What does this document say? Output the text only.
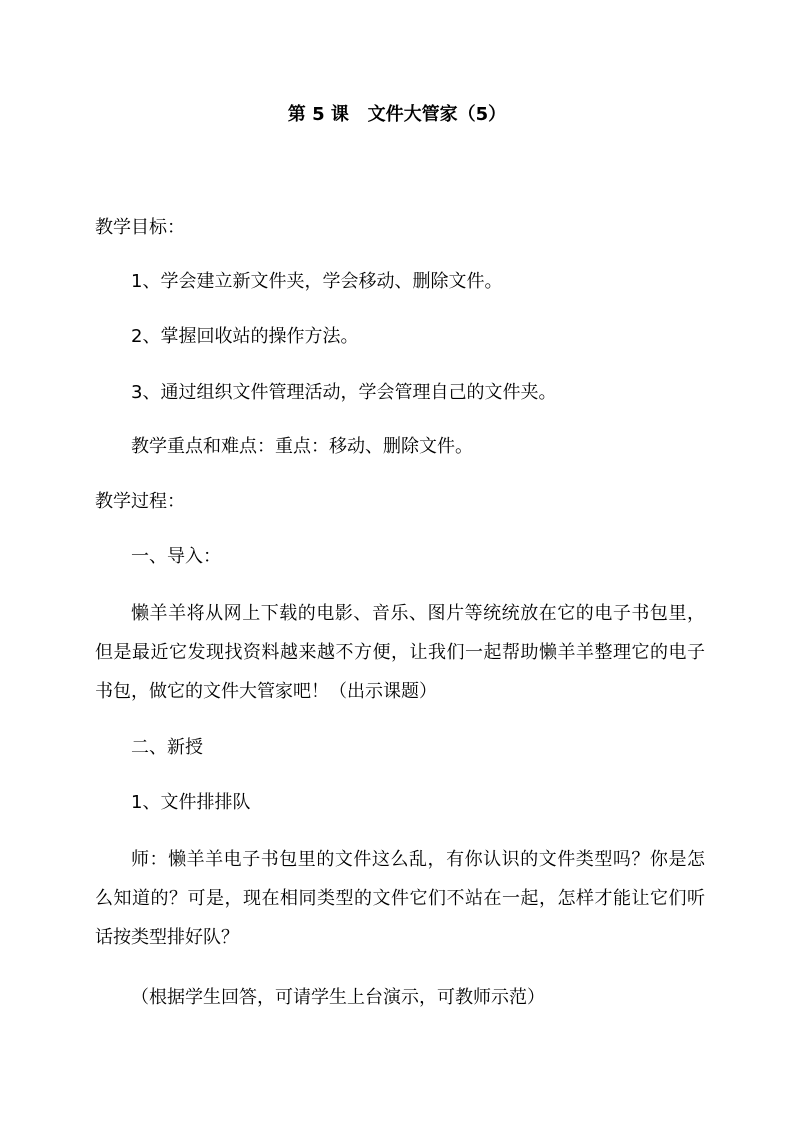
第 5 课   文件大管家（5）
教学目标：
1、学会建立新文件夹，学会移动、删除文件。
2、掌握回收站的操作方法。
3、通过组织文件管理活动，学会管理自己的文件夹。
教学重点和难点：重点：移动、删除文件。
教学过程：
一、导入：
懒羊羊将从网上下载的电影、音乐、图片等统统放在它的电子书包里，但是最近它发现找资料越来越不方便，让我们一起帮助懒羊羊整理它的电子书包，做它的文件大管家吧！（出示课题）
二、新授
1、文件排排队
师：懒羊羊电子书包里的文件这么乱，有你认识的文件类型吗？你是怎么知道的？可是，现在相同类型的文件它们不站在一起，怎样才能让它们听话按类型排好队？
（根据学生回答，可请学生上台演示，可教师示范）
